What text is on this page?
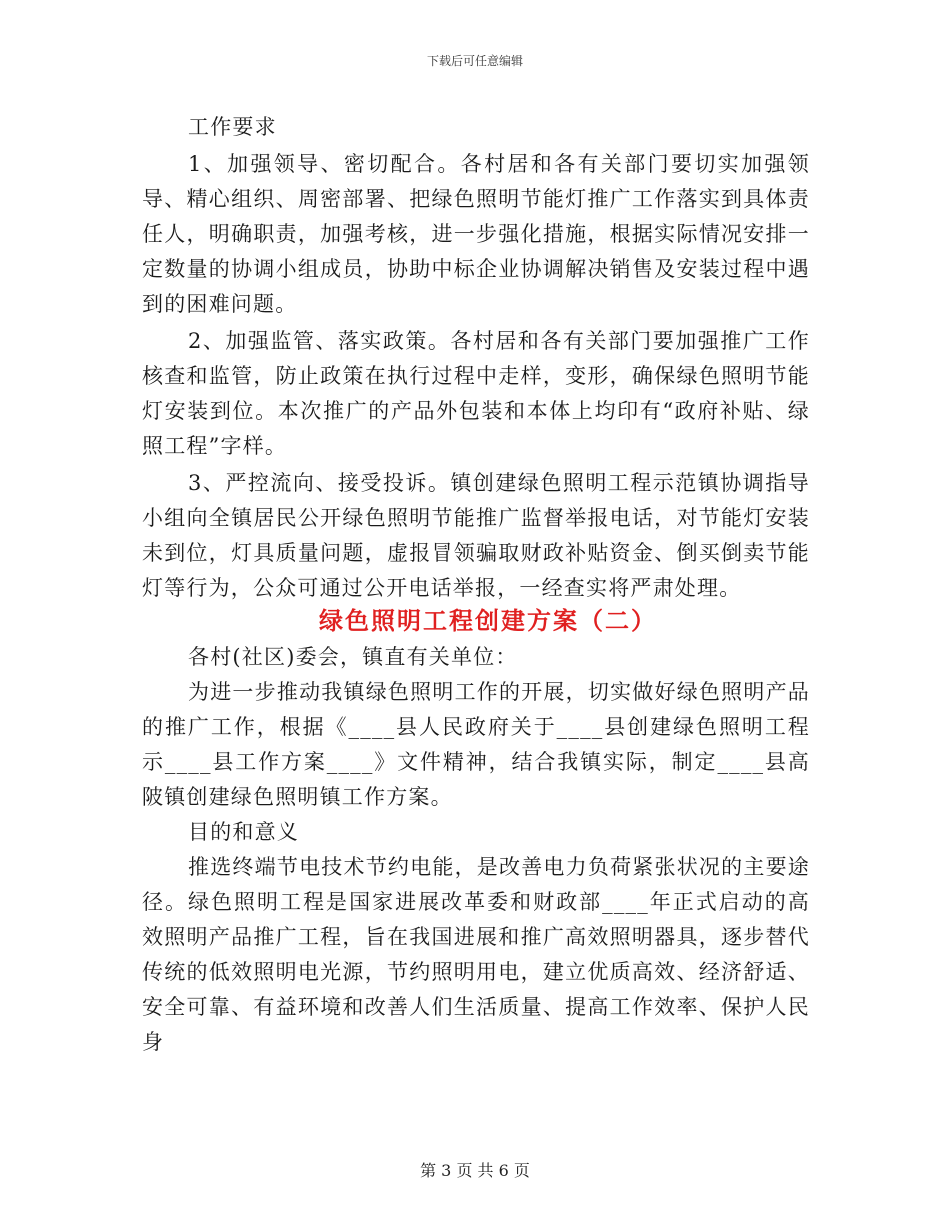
下载后可任意编辑

工作要求

1、加强领导、密切配合。各村居和各有关部门要切实加强领导、精心组织、周密部署、把绿色照明节能灯推广工作落实到具体责任人，明确职责，加强考核，进一步强化措施，根据实际情况安排一定数量的协调小组成员，协助中标企业协调解决销售及安装过程中遇到的困难问题。

2、加强监管、落实政策。各村居和各有关部门要加强推广工作核查和监管，防止政策在执行过程中走样，变形，确保绿色照明节能灯安装到位。本次推广的产品外包装和本体上均印有“政府补贴、绿照工程”字样。

3、严控流向、接受投诉。镇创建绿色照明工程示范镇协调指导小组向全镇居民公开绿色照明节能推广监督举报电话，对节能灯安装未到位，灯具质量问题，虚报冒领骗取财政补贴资金、倒买倒卖节能灯等行为，公众可通过公开电话举报，一经查实将严肃处理。

绿色照明工程创建方案（二）

各村(社区)委会，镇直有关单位：

为进一步推动我镇绿色照明工作的开展，切实做好绿色照明产品的推广工作，根据《____县人民政府关于____县创建绿色照明工程示____县工作方案____》文件精神，结合我镇实际，制定____县高陂镇创建绿色照明镇工作方案。

目的和意义

推选终端节电技术节约电能，是改善电力负荷紧张状况的主要途径。绿色照明工程是国家进展改革委和财政部____年正式启动的高效照明产品推广工程，旨在我国进展和推广高效照明器具，逐步替代传统的低效照明电光源，节约照明用电，建立优质高效、经济舒适、安全可靠、有益环境和改善人们生活质量、提高工作效率、保护人民身

第 3 页 共 6 页
